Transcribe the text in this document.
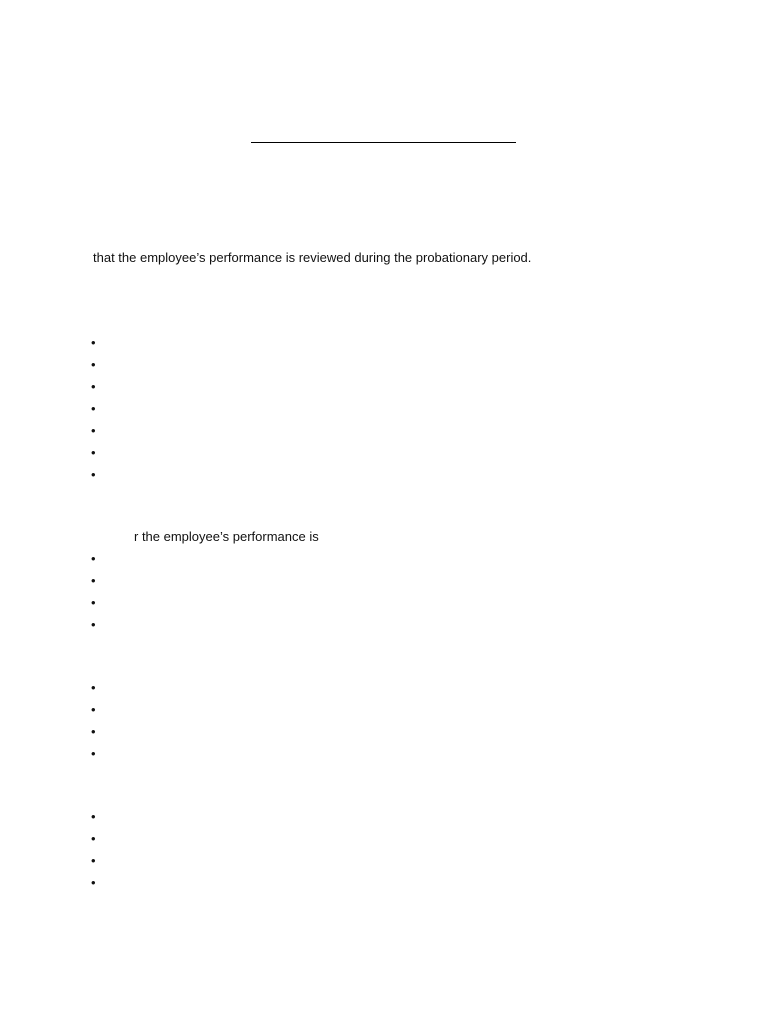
that the employee’s performance is reviewed during the probationary period.
•
•
•
•
•
•
•
r the employee’s performance is
•
•
•
•
•
•
•
•
•
•
•
•
